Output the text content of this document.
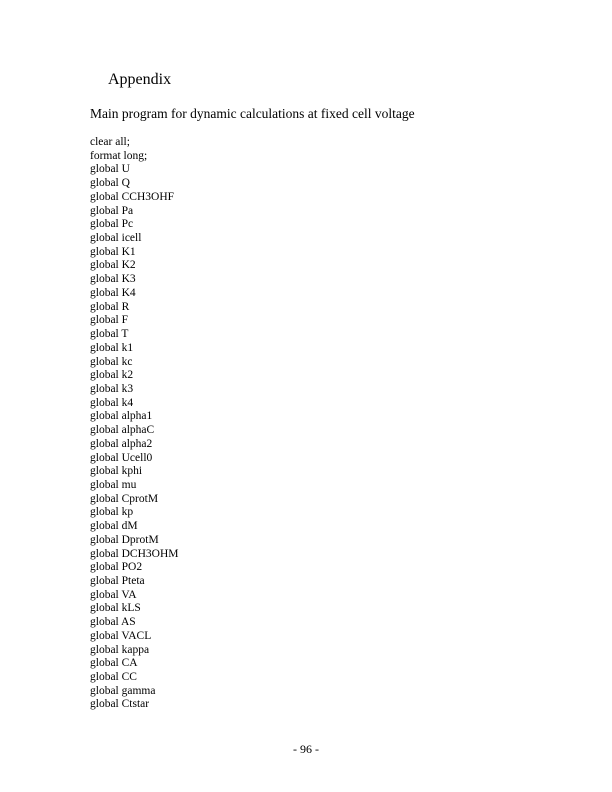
Appendix
Main program for dynamic calculations at fixed cell voltage
clear all;
format long;
global U
global Q
global CCH3OHF
global Pa
global Pc
global icell
global K1
global K2
global K3
global K4
global R
global F
global T
global k1
global kc
global k2
global k3
global k4
global alpha1
global alphaC
global alpha2
global Ucell0
global kphi
global mu
global CprotM
global kp
global dM
global DprotM
global DCH3OHM
global PO2
global Pteta
global VA
global kLS
global AS
global VACL
global kappa
global CA
global CC
global gamma
global Ctstar
- 96 -
